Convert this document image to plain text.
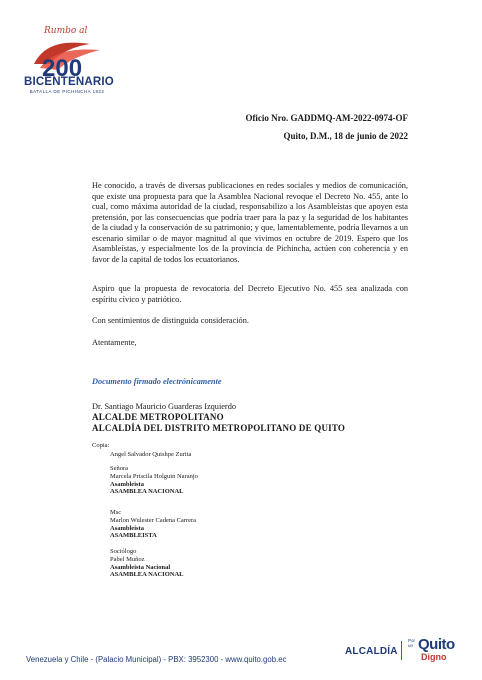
Rumbo al
200
BICENTENARIO
BATALLA DE PICHINCHA 1822
Oficio Nro. GADDMQ-AM-2022-0974-OF
Quito, D.M., 18 de junio de 2022

He conocido, a través de diversas publicaciones en redes sociales y medios de comunicación, que existe una propuesta para que la Asamblea Nacional revoque el Decreto No. 455, ante lo cual, como máxima autoridad de la ciudad, responsabilizo a los Asambleístas que apoyen esta pretensión, por las consecuencias que podría traer para la paz y la seguridad de los habitantes de la ciudad y la conservación de su patrimonio; y que, lamentablemente, podría llevarnos a un escenario similar o de mayor magnitud al que vivimos en octubre de 2019. Espero que los Asambleístas, y especialmente los de la provincia de Pichincha, actúen con coherencia y en favor de la capital de todos los ecuatorianos.

Aspiro que la propuesta de revocatoria del Decreto Ejecutivo No. 455 sea analizada con espíritu cívico y patriótico.

Con sentimientos de distinguida consideración.

Atentamente,

Documento firmado electrónicamente
Dr. Santiago Mauricio Guarderas Izquierdo
ALCALDE METROPOLITANO
ALCALDÍA DEL DISTRITO METROPOLITANO DE QUITO
Copia:
Angel Salvador Quishpe Zurita
Señora
Marcela Priscila Holguin Naranjo
Asambleista
ASAMBLEA NACIONAL
Msc
Marlon Wulester Cadena Carrera
Asambleista
ASAMBLEISTA
Sociólogo
Pabel Muñoz
Asambleista Nacional
ASAMBLEA NACIONAL
Venezuela y Chile - (Palacio Municipal) - PBX: 3952300 - www.quito.gob.ec
ALCALDÍA
Por un Quito
Digno
